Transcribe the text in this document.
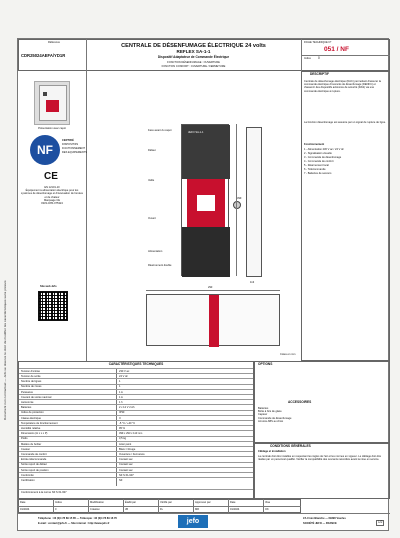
Document non contractuel — Jefo se réserve le droit de modifier les caractéristiques sans préavis
Référence
CDR25024AEFA/YD1R
CENTRALE DE DÉSENFUMAGE ÉLECTRIQUE 24 volts
REFLEX SA-1-1
Dispositif Adaptateur de Commande Électrique
FONCTION DÉSENFUMAGE : OUVERTURE
FONCTION CONFORT : OUVERTURE / FERMETURE
FICHE TECHNIQUE N°
051 / NF
Indice 0
Présentation avec capot
NF
CERTIFIÉ
DISPOSITIFS
D'ACTIONNEMENT
DES EQUIPEMENTS
CE
EN 12101-10
Équipement à alimentation électrique pour les systèmes de désenfumage et d'évacuation de fumées et de chaleur
Marquage CE
0333-CPR-075324
Site web Jefo
Face avant du capot
Défaut
Veille
Ouvert
Alimentation
Réarmement double
JEFO SA-1-1
399
113
293
Cotes en mm
DESCRIPTIF
Centrale de désenfumage électrique (DAC) permettant d'assurer la commande électrique d'ouvrants de désenfumage (DENFC) et d'asservir des dispositifs actionnés de sécurité (DAS) via une commande électrique à rupture.
La fonction désenfumage est assurée par un signal de rupture de ligne.
Fonctionnement
1 - Alimentation 230 V ac / 24 V dc
2 - Signalisation visuelle
3 - Commande de désenfumage
4 - Commande de confort
5 - Réarmement local
6 - Télécommande
7 - Batteries de secours
CARACTÉRISTIQUES TECHNIQUES
Tension d'entrée	230 V ac
Tension de sortie	24 V dc
Nombre de lignes	1
Nombre de zones	1
Puissance	1 A
Courant de sortie maximal	1 A
Autonomie	1 h
Batteries	2 x 12 V 2 Ah
Indice de protection	IP30
Classe électrique	II
Température de fonctionnement	-5 °C / +40 °C
Humidité relative	95 %
Dimensions (H x L x P)	399 x 293 x 113 mm
Poids	3,5 kg
Matière du boîtier	Acier peint
Couleur	Blanc / Rouge
Commande de confort	Ouverture / Fermeture
Entrée télécommande	Contact sec
Sortie report de défaut	Contact sec
Sortie report de position	Contact sec
Conformité	NF S 61-937
Certification	NF
Conformément à la norme NF S 61-937
OPTIONS
ACCESSOIRES
Batteries
Boîte à bris de glace
Capteur
Commande de désenfumage
Armoire ABS au choix
CONDITIONS GÉNÉRALES
Câblage et installation
La centrale doit être installée en respectant les règles de l'art et les normes en vigueur. Le câblage doit être réalisé par un personnel qualifié. Vérifier la compatibilité des ouvrants raccordés avant la mise en service.
Date	Indice	Modification	Établi par	Vérifié par	Approuvé par	Date	Visa
01/2024	0	Création	JB	FL	MR	01/2024	OK
Téléphone : 33 (0)4 78 89 15 85 — Télécopie : 33 (0)4 78 89 16 76
E-mail : contact@jefo.fr — Site internet : http://www.jefo.fr	jefo	ZA Croix Blanche — 69390 Vourles
SOCIÉTÉ JEFO — FRANCE	1/2
